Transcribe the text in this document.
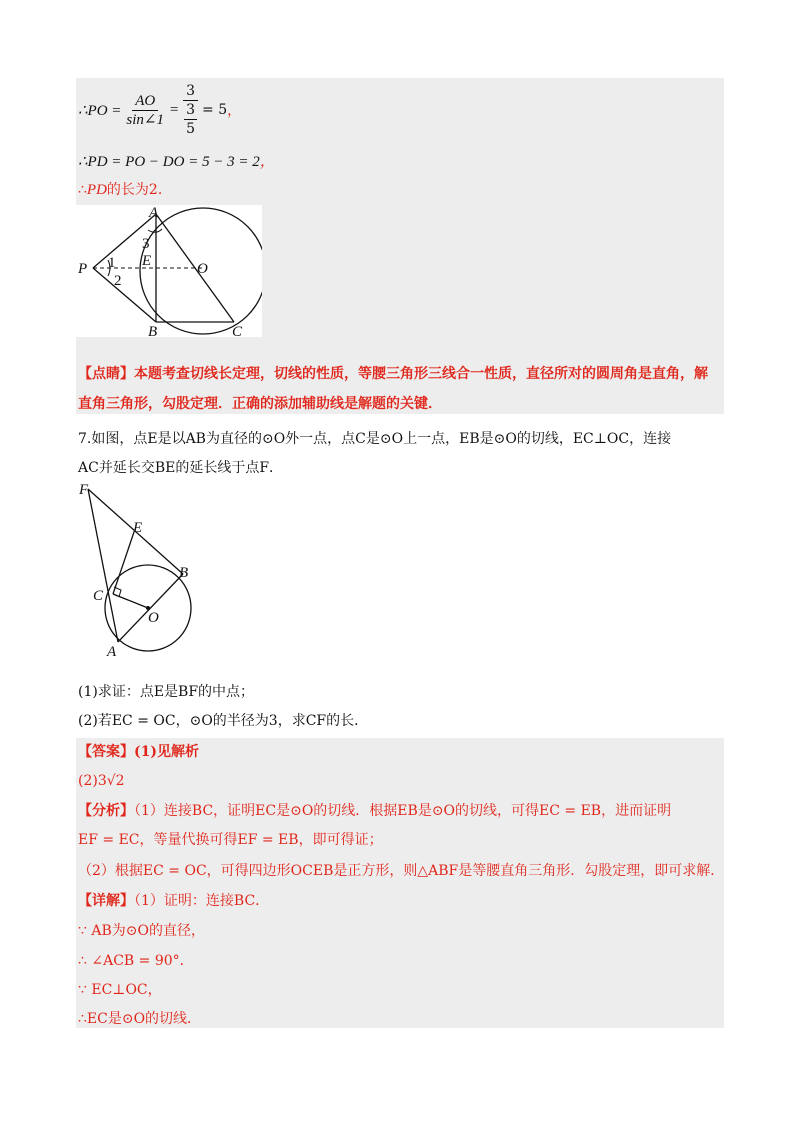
∴PO = $\frac{AO}{\sin\angle 1} = 3$
3
5 = 5 ，
∴PD = PO − DO = 5 − 3 = 2，
∴PD的长为2．
A
3
P 1 E	O
2
B	C
【点睛】本题考查切线长定理，切线的性质，等腰三角形三线合一性质，直径所对的圆周角是直角，解
直角三角形，勾股定理．正确的添加辅助线是解题的关键．
7.如图，点E是以AB为直径的⊙O外一点，点C是⊙O上一点，EB是⊙O的切线，EC⊥OC，连接
AC并延长交BE的延长线于点F．
F
E
B
C
O
A
(1)求证：点E是BF的中点；
(2)若EC = OC，⊙O的半径为3，求CF的长．
【答案】(1)见解析
(2)3√2
【分析】（1）连接BC，证明EC是⊙O的切线．根据EB是⊙O的切线，可得EC = EB，进而证明
EF = EC，等量代换可得EF = EB，即可得证；
（2）根据EC = OC，可得四边形OCEB是正方形，则△ABF是等腰直角三角形．勾股定理，即可求解．
【详解】（1）证明：连接BC．
∵ AB为⊙O的直径，
∴ ∠ACB = 90°．
∵ EC⊥OC，
∴EC是⊙O的切线．
